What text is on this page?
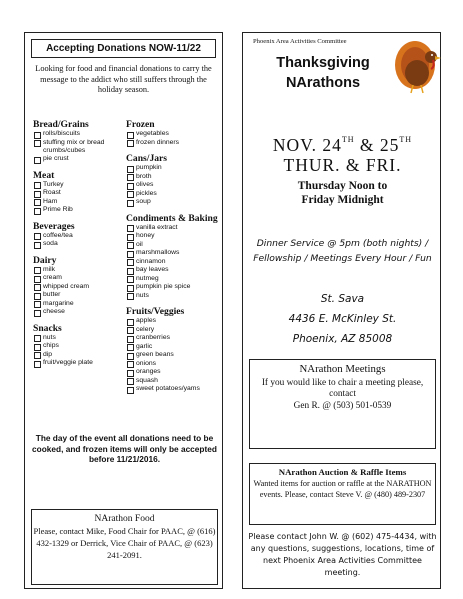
Accepting Donations NOW-11/22
Looking for food and financial donations to carry the message to the addict who still suffers through the holiday season.
Bread/Grains
rolls/biscuits
stuffing mix or bread crumbs/cubes
pie crust
Meat
Turkey
Roast
Ham
Prime Rib
Beverages
coffee/tea
soda
Dairy
milk
cream
whipped cream
butter
margarine
cheese
Snacks
nuts
chips
dip
fruit/veggie plate
Frozen
vegetables
frozen dinners
Cans/Jars
pumpkin
broth
olives
pickles
soup
Condiments & Baking
vanilla extract
honey
oil
marshmallows
cinnamon
bay leaves
nutmeg
pumpkin pie spice
nuts
Fruits/Veggies
apples
celery
cranberries
garlic
green beans
onions
oranges
squash
sweet potatoes/yams
The day of the event all donations need to be cooked, and frozen items will only be accepted before 11/21/2016.
NArathon Food
Please, contact Mike, Food Chair for PAAC, @ (616) 432-1329 or Derrick, Vice Chair of PAAC, @ (623) 241-2091.
Phoenix Area Activities Committee
Thanksgiving
NArathons
NOV. 24TH & 25TH
THUR. & FRI.
Thursday Noon to
Friday Midnight
Dinner Service @ 5pm (both nights) /
Fellowship / Meetings Every Hour / Fun
St. Sava
4436 E. McKinley St.
Phoenix, AZ 85008
NArathon Meetings
If you would like to chair a meeting please, contact
Gen R. @ (503) 501-0539
NArathon Auction & Raffle Items
Wanted items for auction or raffle at the NARATHON events. Please, contact Steve V. @ (480) 489-2307
Please contact John W. @ (602) 475-4434, with any questions, suggestions, locations, time of next Phoenix Area Activities Committee meeting.
